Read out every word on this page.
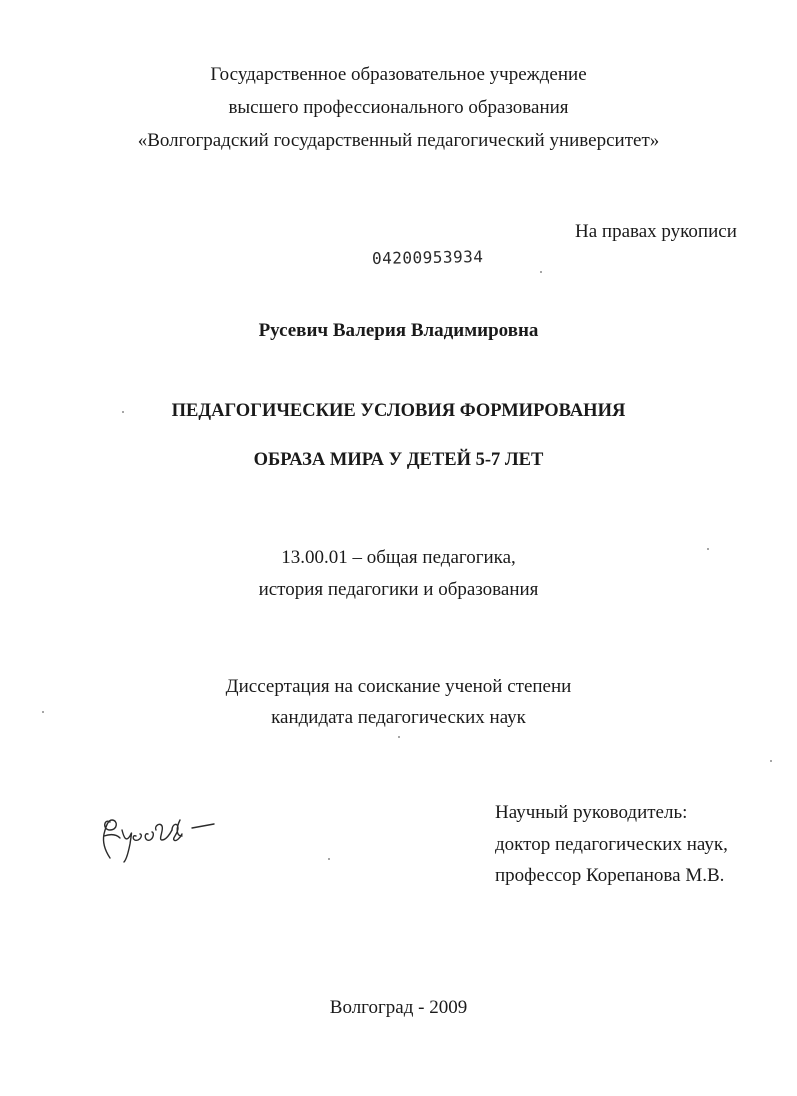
Государственное образовательное учреждение
высшего профессионального образования
«Волгоградский государственный педагогический университет»
На правах рукописи
04200953934
Русевич Валерия Владимировна
ПЕДАГОГИЧЕСКИЕ УСЛОВИЯ ФОРМИРОВАНИЯ
ОБРАЗА МИРА У ДЕТЕЙ 5-7 ЛЕТ
13.00.01 – общая педагогика,
история педагогики и образования
Диссертация на соискание ученой степени
кандидата педагогических наук
Научный руководитель:
доктор педагогических наук,
профессор Корепанова М.В.
Волгоград - 2009
